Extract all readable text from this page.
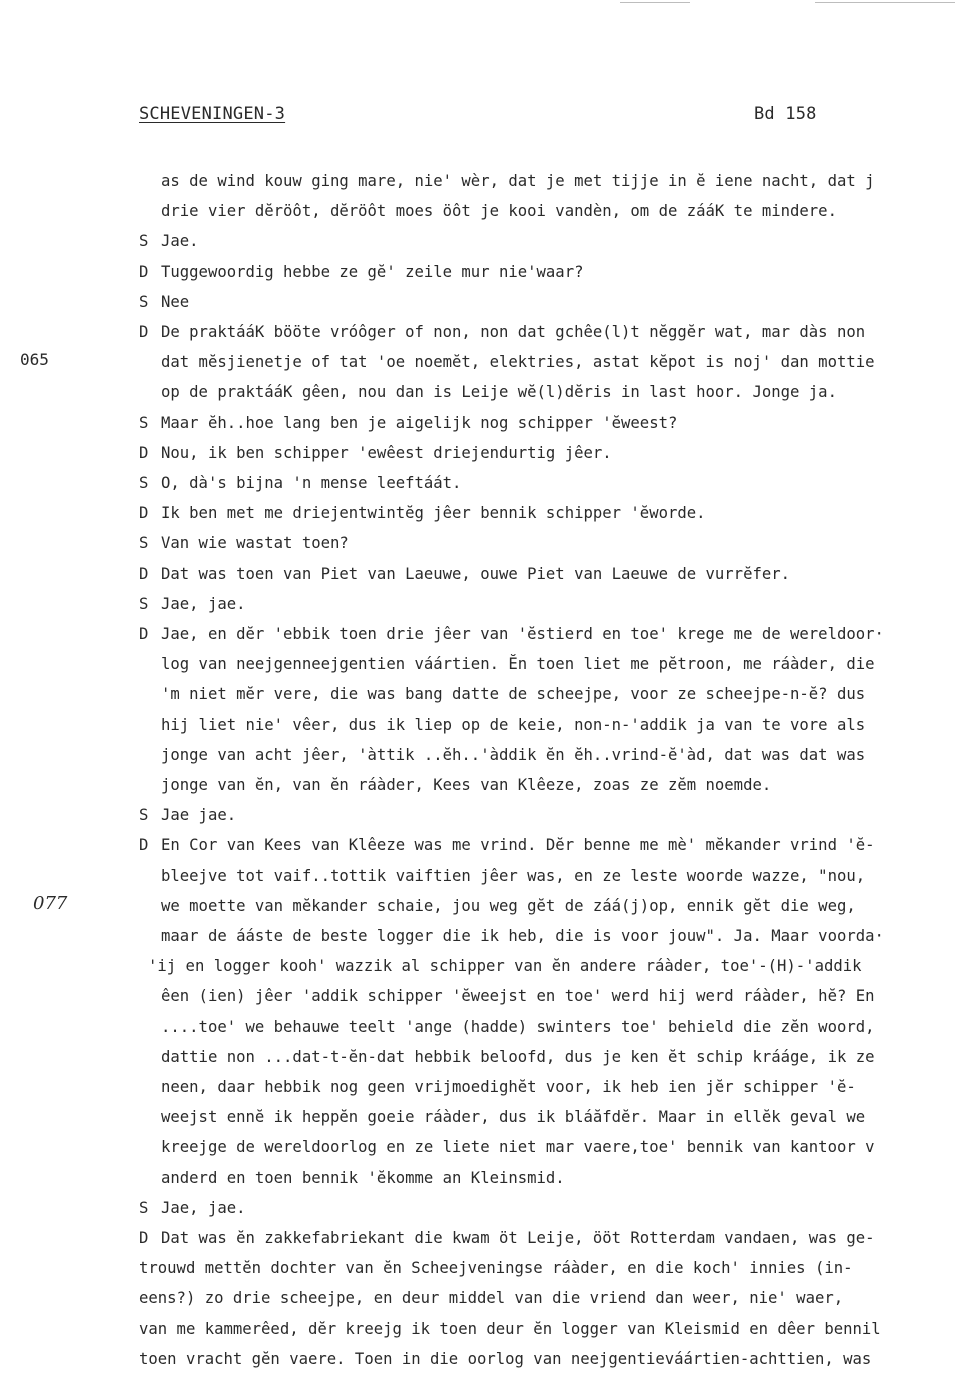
SCHEVENINGEN-3	Bd 158
065
077
as de wind kouw ging mare, nie' wèr, dat je met tijje in ĕ iene nacht, dat j
drie vier dĕröôt, dĕröôt moes öôt je kooi vandèn, om de zááK te mindere.
S Jae.
D Tuggewoordig hebbe ze gĕ' zeile mur nie'waar?
S Nee
D De praktááK bööte vróôger of non, non dat gchêe(l)t nĕggĕr wat, mar dàs non
dat mĕsjienetje of tat 'oe noemĕt, elektries, astat kĕpot is noj' dan mottie
op de praktááK gêen, nou dan is Leije wĕ(l)dĕris in last hoor. Jonge ja.
S Maar ĕh..hoe lang ben je aigelijk nog schipper 'ĕweest?
D Nou, ik ben schipper 'ewêest driejendurtig jêer.
S O, dà's bijna 'n mense leeftáát.
D Ik ben met me driejentwintĕg jêer bennik schipper 'ĕworde.
S Van wie wastat toen?
D Dat was toen van Piet van Laeuwe, ouwe Piet van Laeuwe de vurrĕfer.
S Jae, jae.
D Jae, en dĕr 'ebbik toen drie jêer van 'ĕstierd en toe' krege me de wereldoor·
log van neejgenneejgentien váártien. Ĕn toen liet me pĕtroon, me ráàder, die
'm niet mĕr vere, die was bang datte de scheejpe, voor ze scheejpe-n-ĕ? dus
hij liet nie' vêer, dus ik liep op de keie, non-n-'addik ja van te vore als
jonge van acht jêer, 'àttik ..ĕh..'àddik ĕn ĕh..vrind-ĕ'àd, dat was dat was
jonge van ĕn, van ĕn ráàder, Kees van Klêeze, zoas ze zĕm noemde.
S Jae jae.
D En Cor van Kees van Klêeze was me vrind. Dĕr benne me mè' mĕkander vrind 'ĕ-
bleejve tot vaif..tottik vaiftien jêer was, en ze leste woorde wazze, "nou,
we moette van mĕkander schaie, jou weg gĕt de záá(j)op, ennik gĕt die weg,
maar de ááste de beste logger die ik heb, die is voor jouw". Ja. Maar voorda·
'ij en logger kooh' wazzik al schipper van ĕn andere ráàder, toe'-(H)-'addik
êen (ien) jêer 'addik schipper 'ĕweejst en toe' werd hij werd ráàder, hĕ? En
....toe' we behauwe teelt 'ange (hadde) swinters toe' behield die zĕn woord,
dattie non ...dat-t-ĕn-dat hebbik beloofd, dus je ken ĕt schip krááge, ik ze
neen, daar hebbik nog geen vrijmoedighĕt voor, ik heb ien jĕr schipper 'ĕ-
weejst ennĕ ik heppĕn goeie ráàder, dus ik bláăfdĕr. Maar in ellĕk geval we
kreejge de wereldoorlog en ze liete niet mar vaere,toe' bennik van kantoor v
anderd en toen bennik 'ĕkomme an Kleinsmid.
S Jae, jae.
D Dat was ĕn zakkefabriekant die kwam öt Leije, ööt Rotterdam vandaen, was ge-
trouwd mettĕn dochter van ĕn Scheejveningse ráàder, en die koch' innies (in-
eens?) zo drie scheejpe, en deur middel van die vriend dan weer, nie' waer,
van me kammerêed, dĕr kreejg ik toen deur ĕn logger van Kleismid en dêer bennil
toen vracht gĕn vaere. Toen in die oorlog van neejgentieváártien-achttien, was
